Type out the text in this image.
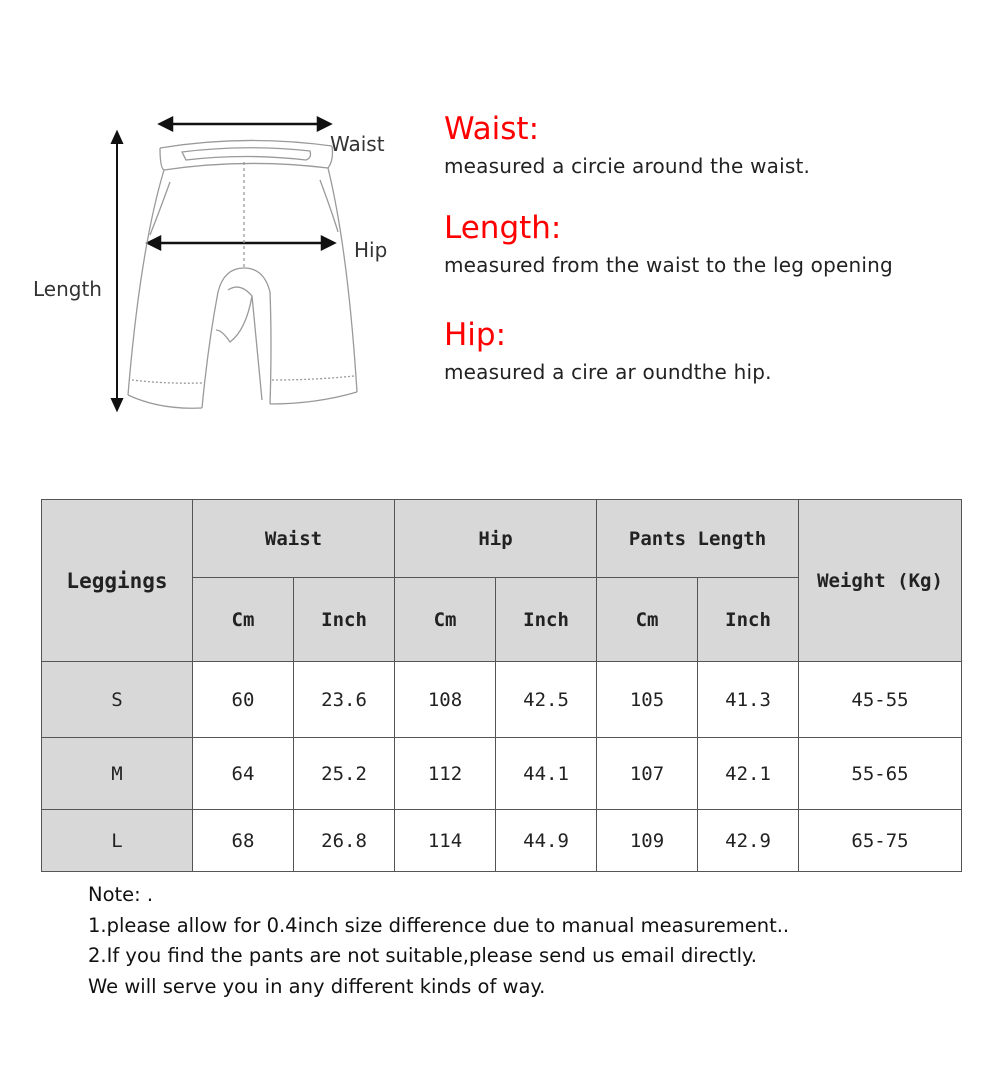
Waist
Hip
Length
Waist:
measured a circie around the waist.
Length:
measured from the waist to the leg opening
Hip:
measured a cire ar oundthe hip.
Leggings	Waist		Hip		Pants Length		Weight (Kg)
	Cm	Inch	Cm	Inch	Cm	Inch	
S	60	23.6	108	42.5	105	41.3	45-55
M	64	25.2	112	44.1	107	42.1	55-65
L	68	26.8	114	44.9	109	42.9	65-75
Note: .
1.please allow for 0.4inch size difference due to manual measurement..
2.If you find the pants are not suitable,please send us email directly.
We will serve you in any different kinds of way.
